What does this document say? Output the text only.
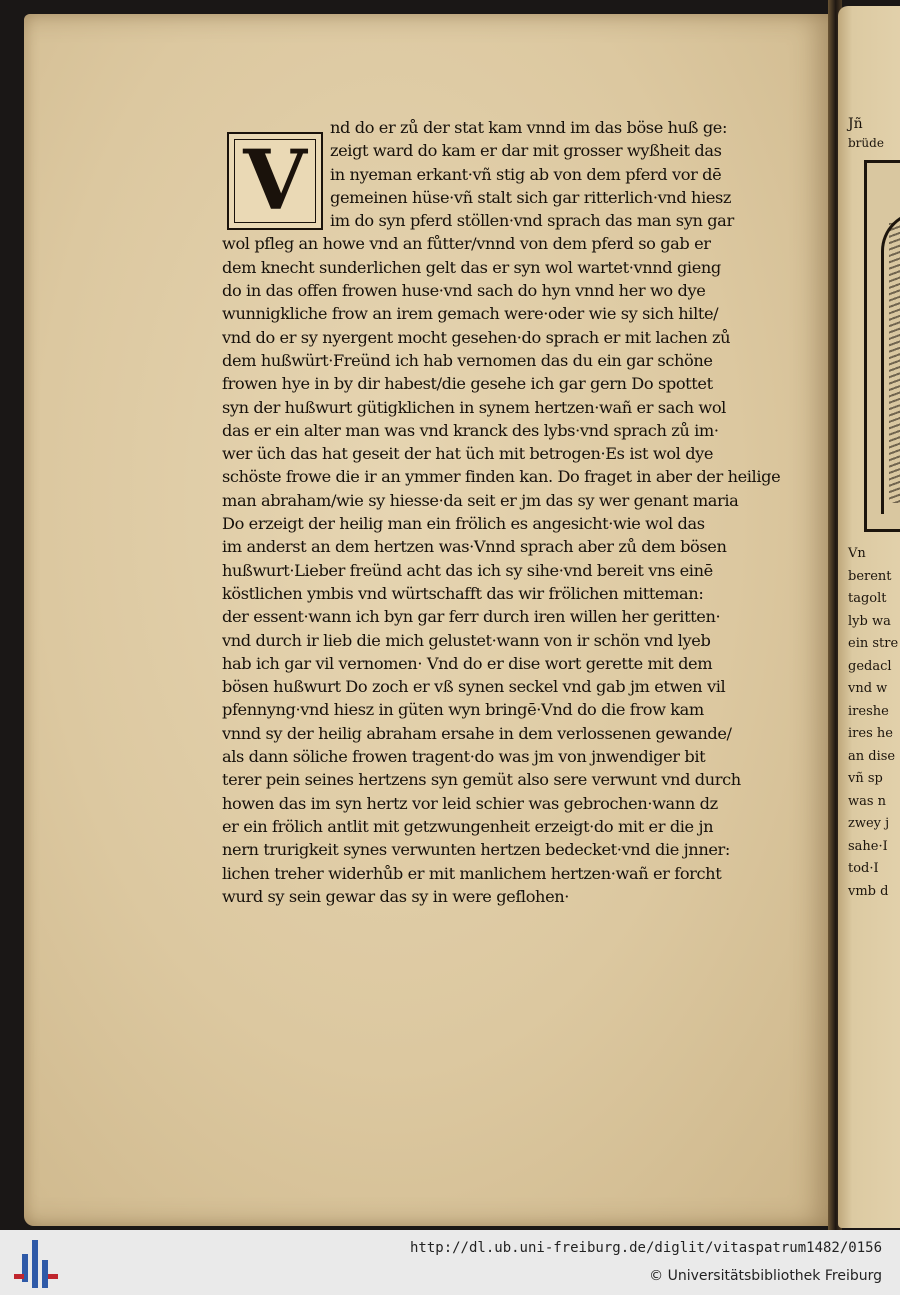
V
nd do er zů der stat kam vnnd im das böse huß ge:
zeigt ward do kam er dar mit grosser wyßheit das
in nyeman erkant·vñ stig ab von dem pferd vor dē
gemeinen hüse·vñ stalt sich gar ritterlich·vnd hiesz
im do syn pferd stöllen·vnd sprach das man syn gar
wol pfleg an howe vnd an fůtter/vnnd von dem pferd so gab er
dem knecht sunderlichen gelt das er syn wol wartet·vnnd gieng
do in das offen frowen huse·vnd sach do hyn vnnd her wo dye
wunnigkliche frow an irem gemach were·oder wie sy sich hilte/
vnd do er sy nyergent mocht gesehen·do sprach er mit lachen zů
dem hußwürt·Freünd ich hab vernomen das du ein gar schöne
frowen hye in by dir habest/die gesehe ich gar gern Do spottet
syn der hußwurt gütigklichen in synem hertzen·wañ er sach wol
das er ein alter man was vnd kranck des lybs·vnd sprach zů im·
wer üch das hat geseit der hat üch mit betrogen·Es ist wol dye
schöste frowe die ir an ymmer finden kan. Do fraget in aber der heilige
man abraham/wie sy hiesse·da seit er jm das sy wer genant maria
Do erzeigt der heilig man ein frölich es angesicht·wie wol das
im anderst an dem hertzen was·Vnnd sprach aber zů dem bösen
hußwurt·Lieber freünd acht das ich sy sihe·vnd bereit vns einē
köstlichen ymbis vnd würtschafft das wir frölichen mitteman:
der essent·wann ich byn gar ferr durch iren willen her geritten·
vnd durch ir lieb die mich gelustet·wann von ir schön vnd lyeb
hab ich gar vil vernomen· Vnd do er dise wort gerette mit dem
bösen hußwurt Do zoch er vß synen seckel vnd gab jm etwen vil
pfennyng·vnd hiesz in güten wyn bringē·Vnd do die frow kam
vnnd sy der heilig abraham ersahe in dem verlossenen gewande/
als dann söliche frowen tragent·do was jm von jnwendiger bit
terer pein seines hertzens syn gemüt also sere verwunt vnd durch
howen das im syn hertz vor leid schier was gebrochen·wann dz
er ein frölich antlit mit getzwungenheit erzeigt·do mit er die jn
nern trurigkeit synes verwunten hertzen bedecket·vnd die jnner:
lichen treher widerhůb er mit manlichem hertzen·wañ er forcht
wurd sy sein gewar das sy in were geflohen·
Jñ
brüde
Vn
berent
tagolt
lyb wa
ein stre
gedacl
vnd w
ireshe
ires he
an dise
vñ sp
was n
zwey j
sahe·I
tod·I
vmb d
http://dl.ub.uni-freiburg.de/diglit/vitaspatrum1482/0156
© Universitätsbibliothek Freiburg
